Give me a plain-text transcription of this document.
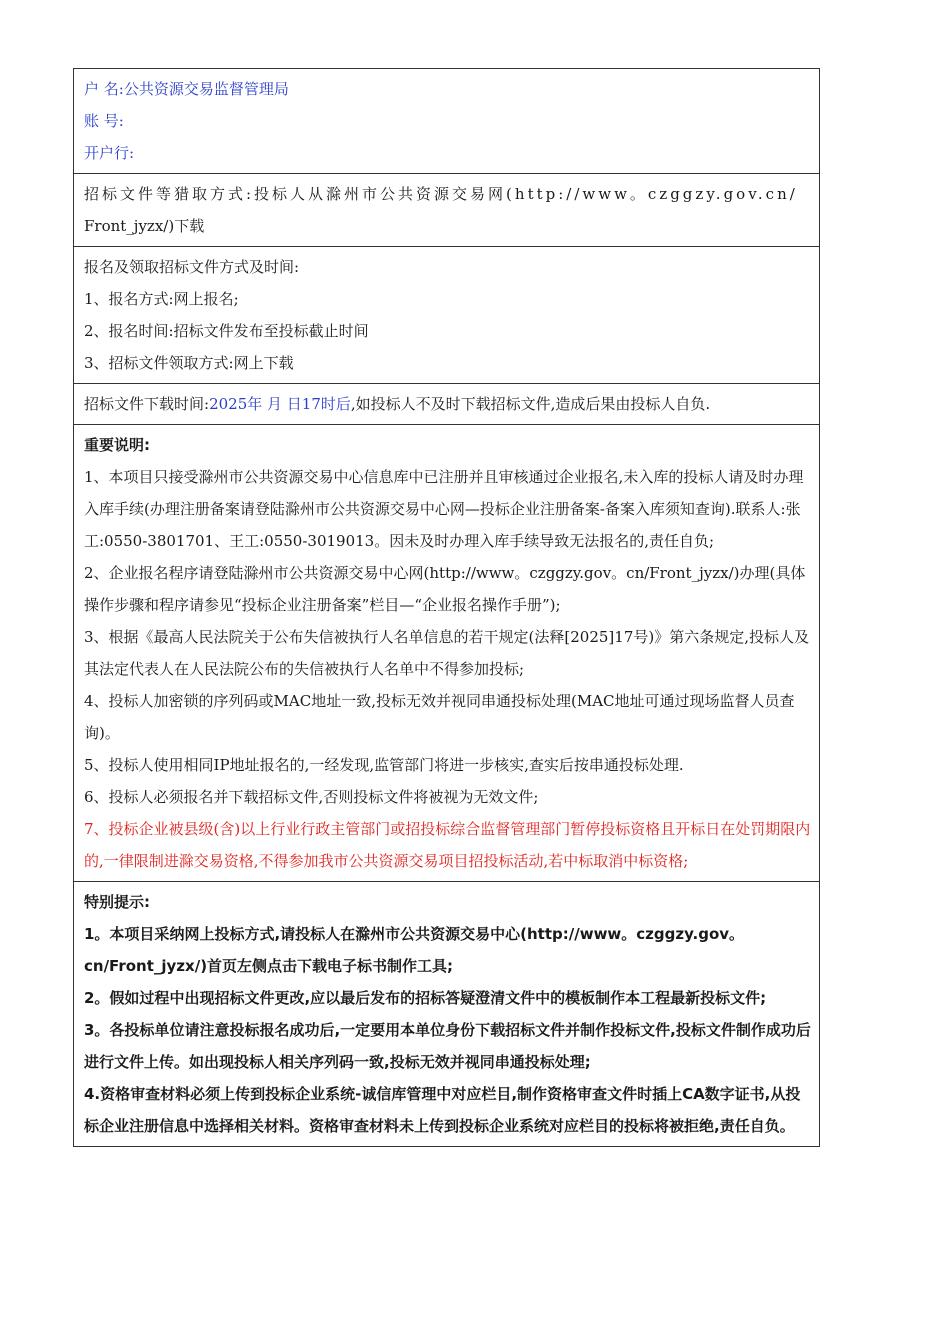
户 名:公共资源交易监督管理局
账 号:
开户行:
招标文件等猎取方式:投标人从滁州市公共资源交易网(http://www。czggzy.gov.cn/
Front_jyzx/)下载
报名及领取招标文件方式及时间:
1、报名方式:网上报名;
2、报名时间:招标文件发布至投标截止时间
3、招标文件领取方式:网上下载
招标文件下载时间:2025年 月 日17时后,如投标人不及时下载招标文件,造成后果由投标人自负.
重要说明:
1、本项目只接受滁州市公共资源交易中心信息库中已注册并且审核通过企业报名,未入库的投标人请及时办理入库手续(办理注册备案请登陆滁州市公共资源交易中心网—投标企业注册备案-备案入库须知查询).联系人:张工:0550-3801701、王工:0550-3019013。因未及时办理入库手续导致无法报名的,责任自负;
2、企业报名程序请登陆滁州市公共资源交易中心网(http://www。czggzy.gov。cn/Front_jyzx/)办理(具体操作步骤和程序请参见“投标企业注册备案”栏目—“企业报名操作手册”);
3、根据《最高人民法院关于公布失信被执行人名单信息的若干规定(法释[2025]17号)》第六条规定,投标人及其法定代表人在人民法院公布的失信被执行人名单中不得参加投标;
4、投标人加密锁的序列码或MAC地址一致,投标无效并视同串通投标处理(MAC地址可通过现场监督人员查询)。
5、投标人使用相同IP地址报名的,一经发现,监管部门将进一步核实,查实后按串通投标处理.
6、投标人必须报名并下载招标文件,否则投标文件将被视为无效文件;
7、投标企业被县级(含)以上行业行政主管部门或招投标综合监督管理部门暂停投标资格且开标日在处罚期限内的,一律限制进滁交易资格,不得参加我市公共资源交易项目招投标活动,若中标取消中标资格;
特别提示:
1。本项目采纳网上投标方式,请投标人在滁州市公共资源交易中心(http://www。czggzy.gov。cn/Front_jyzx/)首页左侧点击下载电子标书制作工具;
2。假如过程中出现招标文件更改,应以最后发布的招标答疑澄清文件中的模板制作本工程最新投标文件;
3。各投标单位请注意投标报名成功后,一定要用本单位身份下载招标文件并制作投标文件,投标文件制作成功后进行文件上传。如出现投标人相关序列码一致,投标无效并视同串通投标处理;
4.资格审查材料必须上传到投标企业系统-诚信库管理中对应栏目,制作资格审查文件时插上CA数字证书,从投标企业注册信息中选择相关材料。资格审查材料未上传到投标企业系统对应栏目的投标将被拒绝,责任自负。
